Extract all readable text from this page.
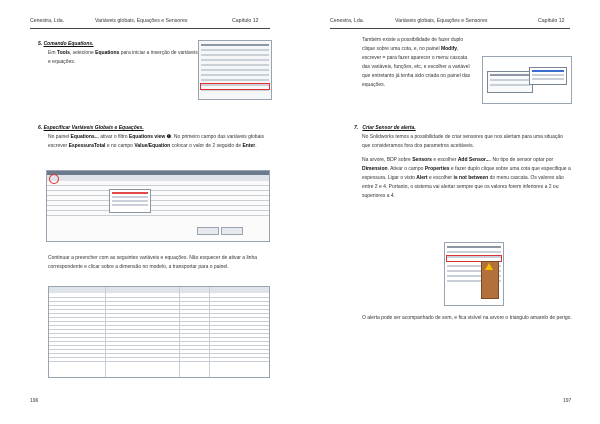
Cenestra, Lda.	Variáveis globais, Equações e Sensores	Capítulo 12
5. Comando Equations.
Em Tools, selecione Equations para iniciar a inserção de variáveis e equações.
6. Especificar Variáveis Globais e Equações.
No painel Equations.., ativar o filtro Equations view ❶. No primeiro campo das variáveis globais escrever EspessuraTotal e no campo Value/Equation colocar o valor de 2 seguido de Enter.
Continuar a preencher com as seguintes variáveis e equações. Não esquecer de ativar a linha correspondente e clicar sobre a dimensão no modelo, a transportar para o painel.
196
Cenestra, Lda.	Variáveis globais, Equações e Sensores	Capítulo 12
Também existe a possibilidade de fazer duplo clique sobre uma cota, e, no painel Modify, escrever = para fazer aparecer o menu cascata das variáveis, funções, etc, e escolher a variável que entretanto já tenha sido criada no painel das equações.
7. Criar Sensor de alerta.
No Solidworks temos a possibilidade de criar sensores que nos alertam para uma situação que consideramos fora dos parametros aceitáveis.
Na arvore, BDP sobre Sensors e escolher Add Sensor.... No tipo de sensor optar por Dimension. Ativar o campo Properties e fazer duplo clique sobre uma cota que especifique a espessura. Ligar o visto Alert e escolher is not between do menu cascata. Os valores são entre 2 e 4. Portanto, o sistema vai alertar sempre que os valores forem inferiores a 2 ou superiores a 4.
O alerta pode ser acompanhado de som, e fica visível na arvore o triangulo amarelo de perigo.
197
